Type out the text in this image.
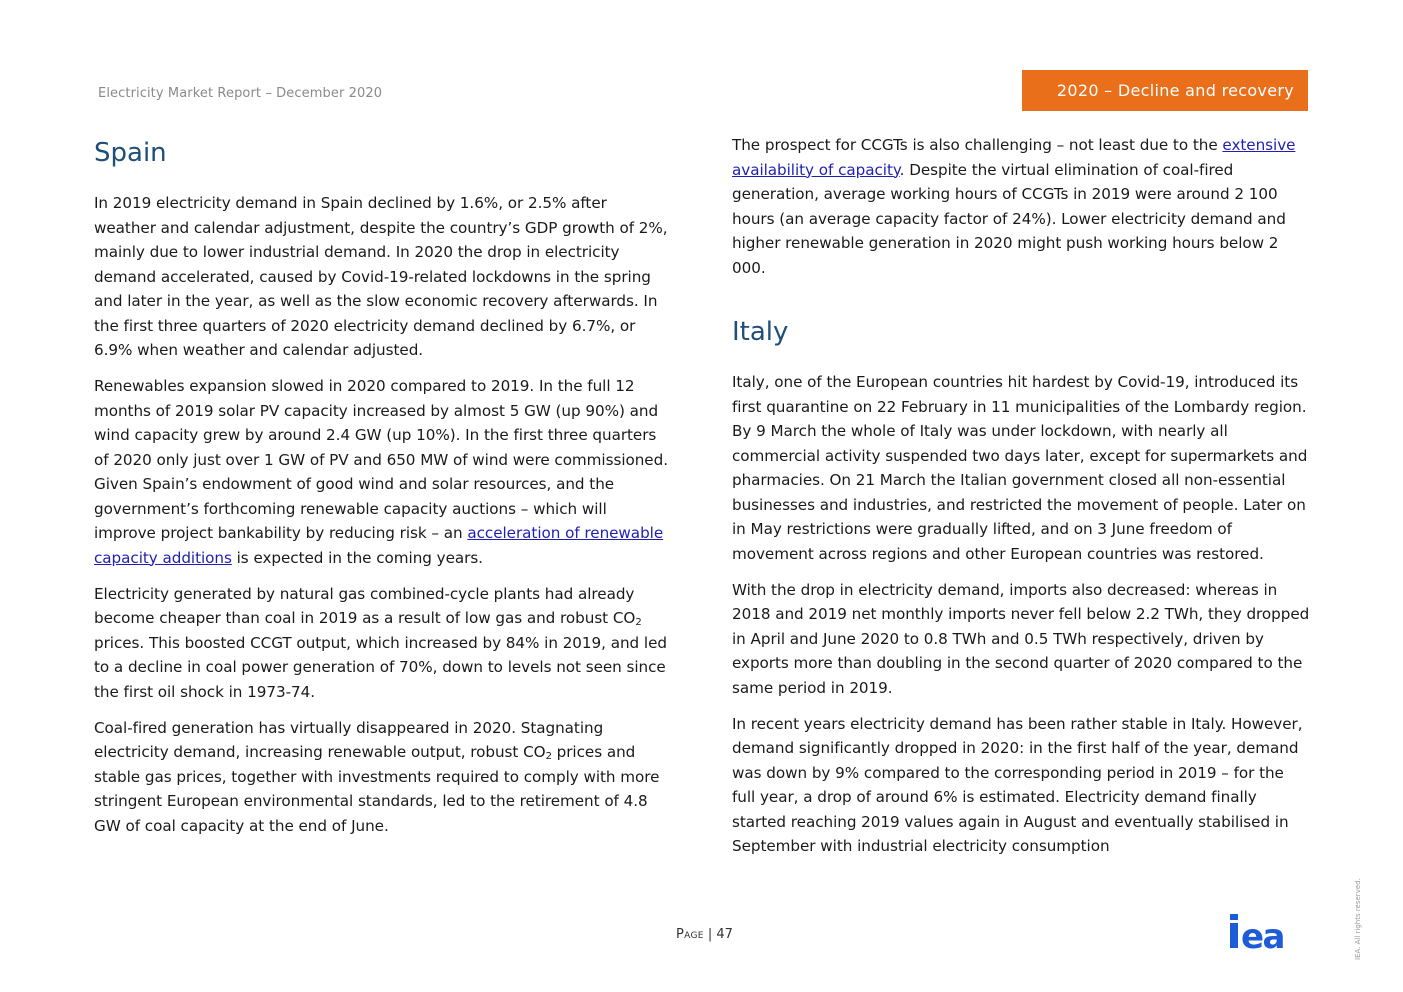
Electricity Market Report – December 2020	2020 – Decline and recovery
Spain

In 2019 electricity demand in Spain declined by 1.6%, or 2.5% after weather and calendar adjustment, despite the country’s GDP growth of 2%, mainly due to lower industrial demand. In 2020 the drop in electricity demand accelerated, caused by Covid-19-related lockdowns in the spring and later in the year, as well as the slow economic recovery afterwards. In the first three quarters of 2020 electricity demand declined by 6.7%, or 6.9% when weather and calendar adjusted.

Renewables expansion slowed in 2020 compared to 2019. In the full 12 months of 2019 solar PV capacity increased by almost 5 GW (up 90%) and wind capacity grew by around 2.4 GW (up 10%). In the first three quarters of 2020 only just over 1 GW of PV and 650 MW of wind were commissioned. Given Spain’s endowment of good wind and solar resources, and the government’s forthcoming renewable capacity auctions – which will improve project bankability by reducing risk – an acceleration of renewable capacity additions is expected in the coming years.

Electricity generated by natural gas combined-cycle plants had already become cheaper than coal in 2019 as a result of low gas and robust $CO_2$ prices. This boosted CCGT output, which increased by 84% in 2019, and led to a decline in coal power generation of 70%, down to levels not seen since the first oil shock in 1973-74.

Coal-fired generation has virtually disappeared in 2020. Stagnating electricity demand, increasing renewable output, robust $CO_2$ prices and stable gas prices, together with investments required to comply with more stringent European environmental standards, led to the retirement of 4.8 GW of coal capacity at the end of June.

The prospect for CCGTs is also challenging – not least due to the extensive availability of capacity. Despite the virtual elimination of coal-fired generation, average working hours of CCGTs in 2019 were around 2 100 hours (an average capacity factor of 24%). Lower electricity demand and higher renewable generation in 2020 might push working hours below 2 000.

Italy

Italy, one of the European countries hit hardest by Covid-19, introduced its first quarantine on 22 February in 11 municipalities of the Lombardy region. By 9 March the whole of Italy was under lockdown, with nearly all commercial activity suspended two days later, except for supermarkets and pharmacies. On 21 March the Italian government closed all non-essential businesses and industries, and restricted the movement of people. Later on in May restrictions were gradually lifted, and on 3 June freedom of movement across regions and other European countries was restored.

With the drop in electricity demand, imports also decreased: whereas in 2018 and 2019 net monthly imports never fell below 2.2 TWh, they dropped in April and June 2020 to 0.8 TWh and 0.5 TWh respectively, driven by exports more than doubling in the second quarter of 2020 compared to the same period in 2019.

In recent years electricity demand has been rather stable in Italy. However, demand significantly dropped in 2020: in the first half of the year, demand was down by 9% compared to the corresponding period in 2019 – for the full year, a drop of around 6% is estimated. Electricity demand finally started reaching 2019 values again in August and eventually stabilised in September with industrial electricity consumption

Page | 47	ea	IEA. All rights reserved.
